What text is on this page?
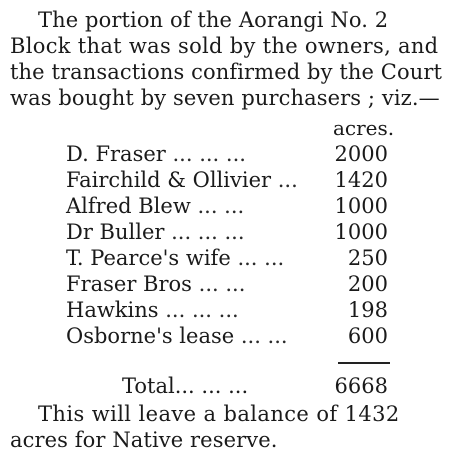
The portion of the Aorangi No. 2
Block that was sold by the owners, and
the transactions confirmed by the Court
was bought by seven purchasers ; viz.—
acres.
D. Fraser ... ... ...	2000
Fairchild & Ollivier ... 1420
Alfred Blew ... ...	1000
Dr Buller ... ... ...	1000
T. Pearce's wife ... ...	250
Fraser Bros ... ...	200
Hawkins ... ... ...	198
Osborne's lease ... ...	600
Total... ... ...	6668
This will leave a balance of 1432
acres for Native reserve.
